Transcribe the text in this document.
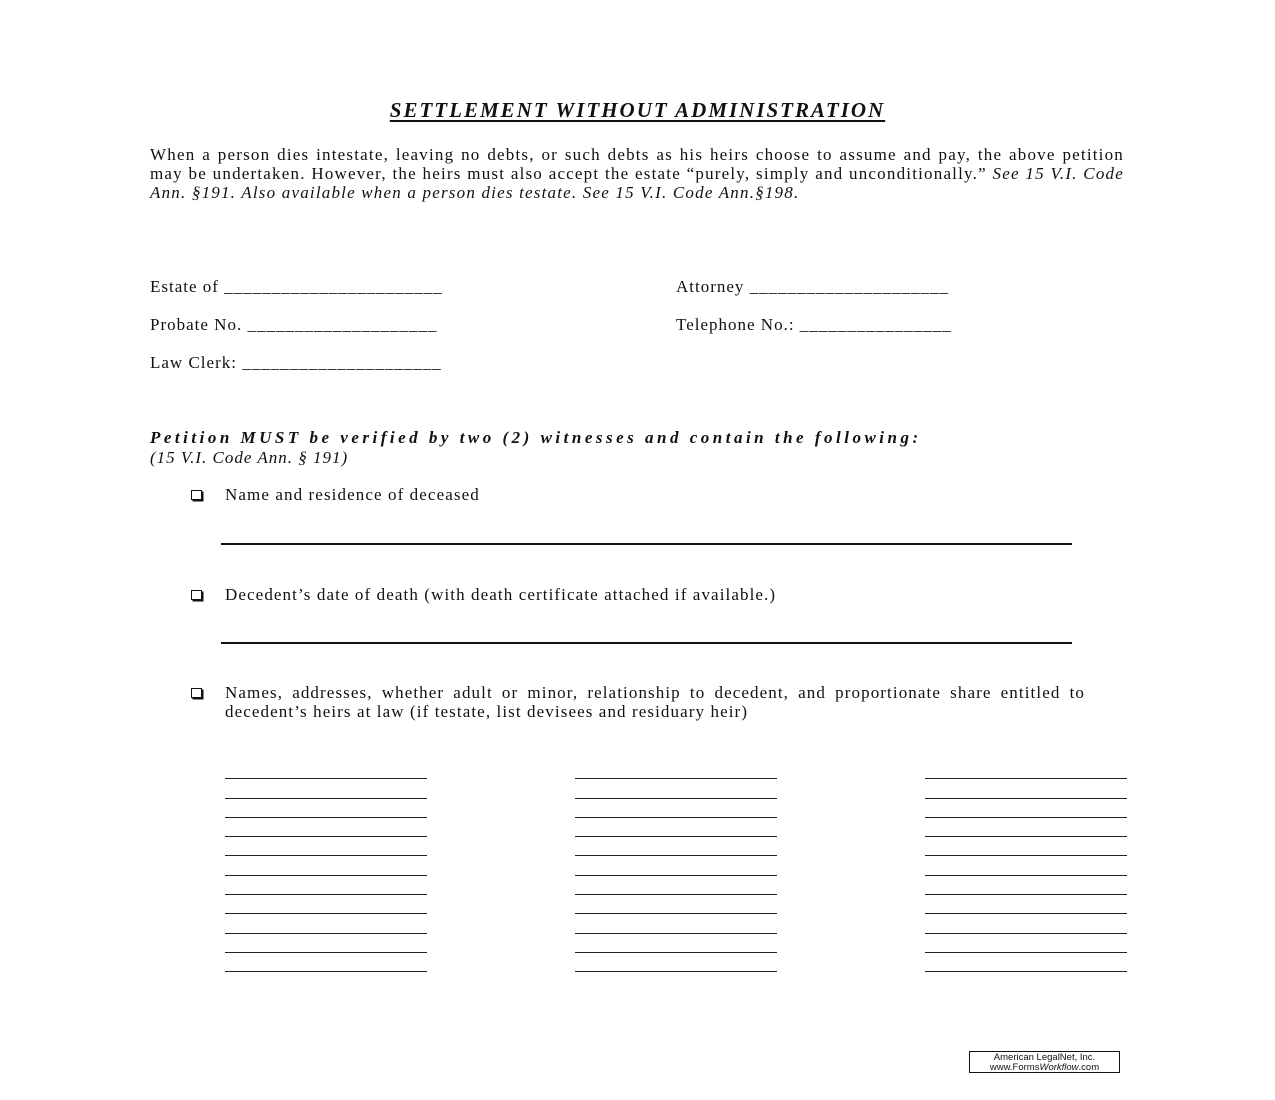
SETTLEMENT WITHOUT ADMINISTRATION
When a person dies intestate, leaving no debts, or such debts as his heirs choose to assume and pay, the above petition may be undertaken. However, the heirs must also accept the estate “purely, simply and unconditionally.” See 15 V.I. Code Ann. §191. Also available when a person dies testate. See 15 V.I. Code Ann.§198.
Estate of _______________________	Attorney _____________________
Probate No. ____________________	Telephone No.: ________________
Law Clerk: _____________________
Petition MUST be verified by two (2) witnesses and contain the following:
(15 V.I. Code Ann. § 191)
Name and residence of deceased
Decedent’s date of death (with death certificate attached if available.)
Names, addresses, whether adult or minor, relationship to decedent, and proportionate share entitled to decedent’s heirs at law (if testate, list devisees and residuary heir)
American LegalNet, Inc.
www.FormsWorkflow.com
